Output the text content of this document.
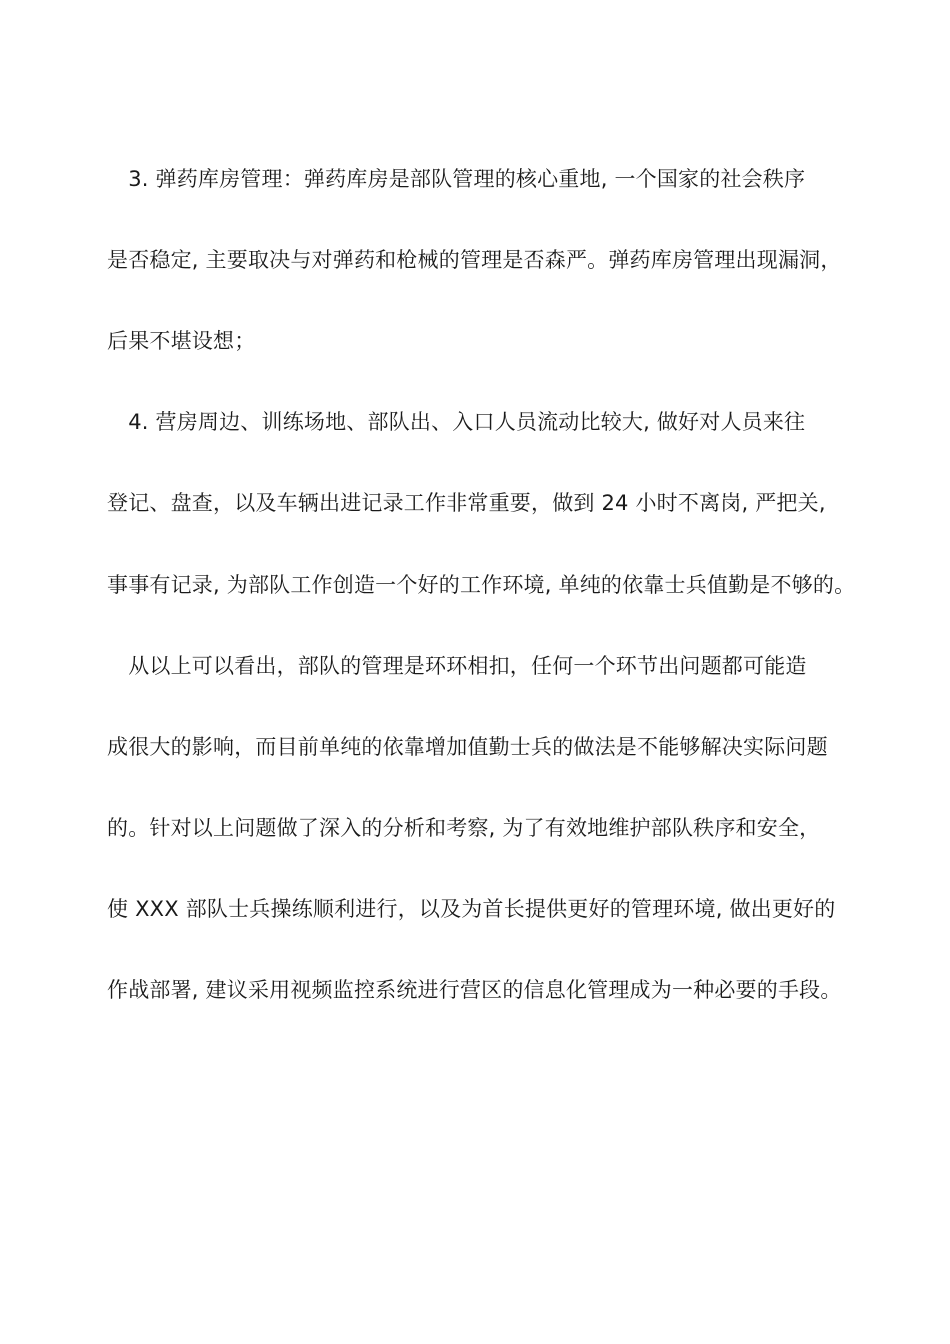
　3. 弹药库房管理：弹药库房是部队管理的核心重地, 一个国家的社会秩序
是否稳定, 主要取决与对弹药和枪械的管理是否森严。弹药库房管理出现漏洞，
后果不堪设想；
　4. 营房周边、训练场地、部队出、入口人员流动比较大, 做好对人员来往
登记、盘查，以及车辆出进记录工作非常重要，做到 24 小时不离岗, 严把关,
事事有记录, 为部队工作创造一个好的工作环境, 单纯的依靠士兵值勤是不够的。
　从以上可以看出，部队的管理是环环相扣，任何一个环节出问题都可能造
成很大的影响，而目前单纯的依靠增加值勤士兵的做法是不能够解决实际问题
的。针对以上问题做了深入的分析和考察, 为了有效地维护部队秩序和安全，
使 XXX 部队士兵操练顺利进行，以及为首长提供更好的管理环境, 做出更好的
作战部署, 建议采用视频监控系统进行营区的信息化管理成为一种必要的手段。
